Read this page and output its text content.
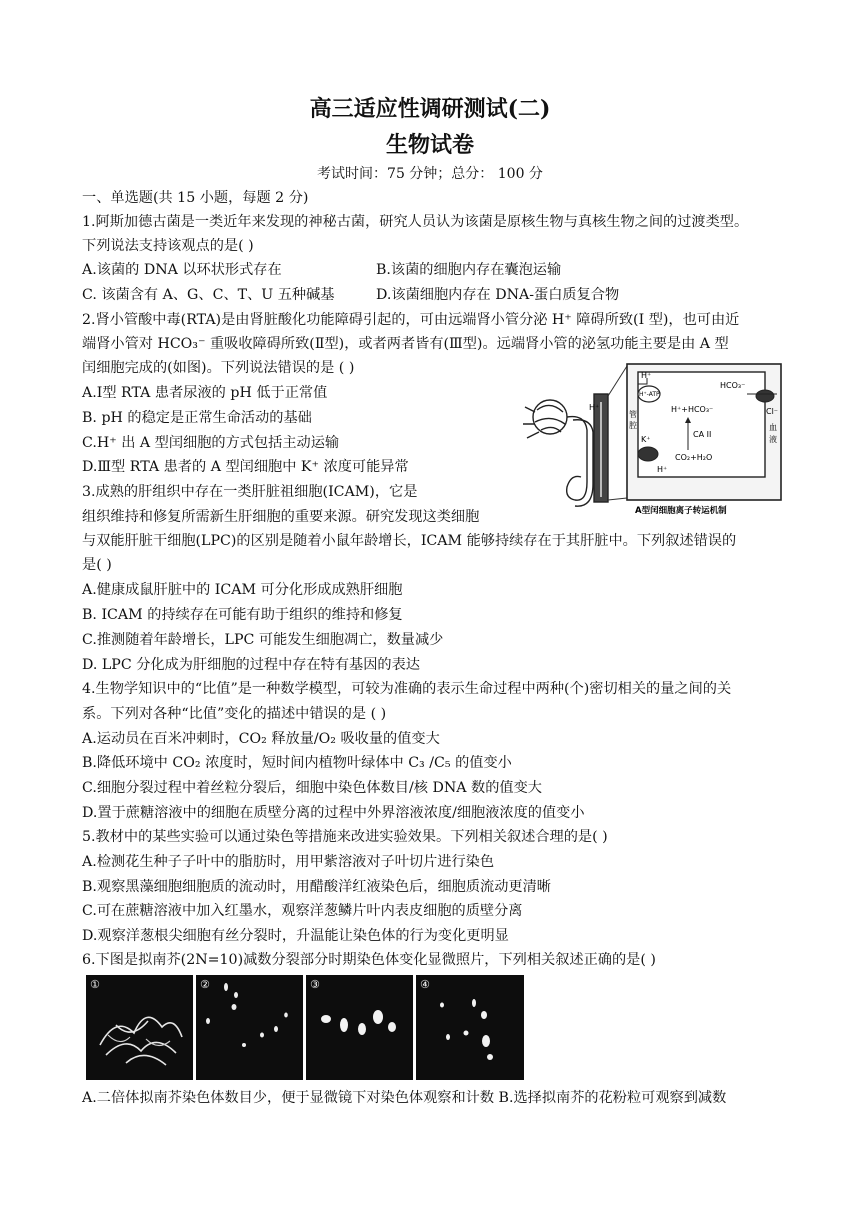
高三适应性调研测试(二)
生物试卷
考试时间：75 分钟；总分： 100 分
一、单选题(共 15 小题，每题 2 分)
1.阿斯加德古菌是一类近年来发现的神秘古菌，研究人员认为该菌是原核生物与真核生物之间的过渡类型。
下列说法支持该观点的是( )
A.该菌的 DNA 以环状形式存在	B.该菌的细胞内存在囊泡运输
C. 该菌含有 A、G、C、T、U 五种碱基	D.该菌细胞内存在 DNA-蛋白质复合物
2.肾小管酸中毒(RTA)是由肾脏酸化功能障碍引起的，可由远端肾小管分泌 H⁺ 障碍所致(I 型)，也可由近
端肾小管对 HCO₃⁻ 重吸收障碍所致(Ⅱ型)，或者两者皆有(Ⅲ型)。远端肾小管的泌氢功能主要是由 A 型
闰细胞完成的(如图)。下列说法错误的是 ( )
A.Ⅰ型 RTA 患者尿液的 pH 低于正常值
B. pH 的稳定是正常生命活动的基础
C.H⁺ 出 A 型闰细胞的方式包括主动运输
D.Ⅲ型 RTA 患者的 A 型闰细胞中 K⁺ 浓度可能异常
H⁺
H⁺-ATP
H⁺
HCO₃⁻
Cl⁻
H⁺+HCO₃⁻
CA II
CO₂+H₂O
K⁺
H⁺
管
腔	血
液
A型闰细胞离子转运机制
3.成熟的肝组织中存在一类肝脏祖细胞(ICAM)，它是
组织维持和修复所需新生肝细胞的重要来源。研究发现这类细胞
与双能肝脏干细胞(LPC)的区别是随着小鼠年龄增长，ICAM 能够持续存在于其肝脏中。下列叙述错误的
是( )
A.健康成鼠肝脏中的 ICAM 可分化形成成熟肝细胞
B. ICAM 的持续存在可能有助于组织的维持和修复
C.推测随着年龄增长，LPC 可能发生细胞凋亡，数量减少
D. LPC 分化成为肝细胞的过程中存在特有基因的表达
4.生物学知识中的“比值”是一种数学模型，可较为准确的表示生命过程中两种(个)密切相关的量之间的关
系。下列对各种“比值”变化的描述中错误的是 ( )
A.运动员在百米冲刺时，CO₂ 释放量/O₂ 吸收量的值变大
B.降低环境中 CO₂ 浓度时，短时间内植物叶绿体中 C₃ /C₅ 的值变小
C.细胞分裂过程中着丝粒分裂后，细胞中染色体数目/核 DNA 数的值变大
D.置于蔗糖溶液中的细胞在质壁分离的过程中外界溶液浓度/细胞液浓度的值变小
5.教材中的某些实验可以通过染色等措施来改进实验效果。下列相关叙述合理的是( )
A.检测花生种子子叶中的脂肪时，用甲紫溶液对子叶切片进行染色
B.观察黑藻细胞细胞质的流动时，用醋酸洋红液染色后，细胞质流动更清晰
C.可在蔗糖溶液中加入红墨水，观察洋葱鳞片叶内表皮细胞的质壁分离
D.观察洋葱根尖细胞有丝分裂时，升温能让染色体的行为变化更明显
6.下图是拟南芥(2N=10)减数分裂部分时期染色体变化显微照片，下列相关叙述正确的是( )
①	②	③	④
A.二倍体拟南芥染色体数目少，便于显微镜下对染色体观察和计数 B.选择拟南芥的花粉粒可观察到减数
